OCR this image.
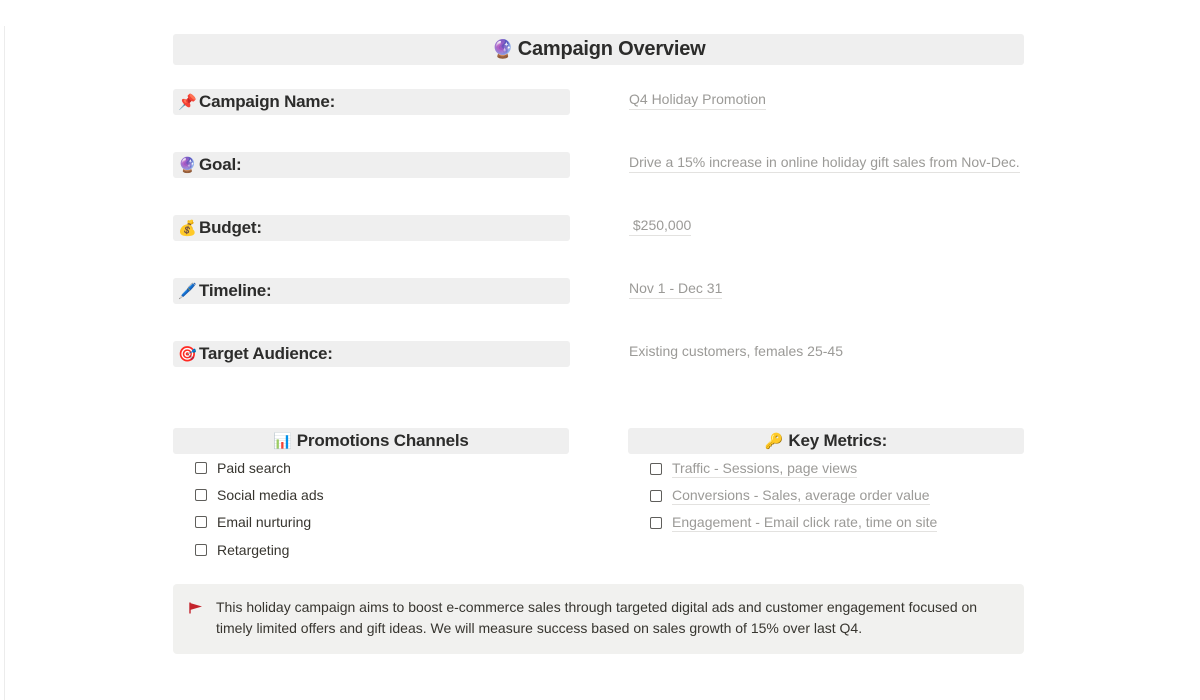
🔮 Campaign Overview
📌 Campaign Name:	Q4 Holiday Promotion
🔮 Goal:	Drive a 15% increase in online holiday gift sales from Nov-Dec.
💰 Budget:	$250,000
🖊️ Timeline:	Nov 1 - Dec 31
🎯 Target Audience:	Existing customers, females 25-45
📊 Promotions Channels
Paid search
Social media ads
Email nurturing
Retargeting
🔑 Key Metrics:
Traffic - Sessions, page views
Conversions - Sales, average order value
Engagement - Email click rate, time on site
This holiday campaign aims to boost e-commerce sales through targeted digital ads and customer engagement focused on timely limited offers and gift ideas. We will measure success based on sales growth of 15% over last Q4.
